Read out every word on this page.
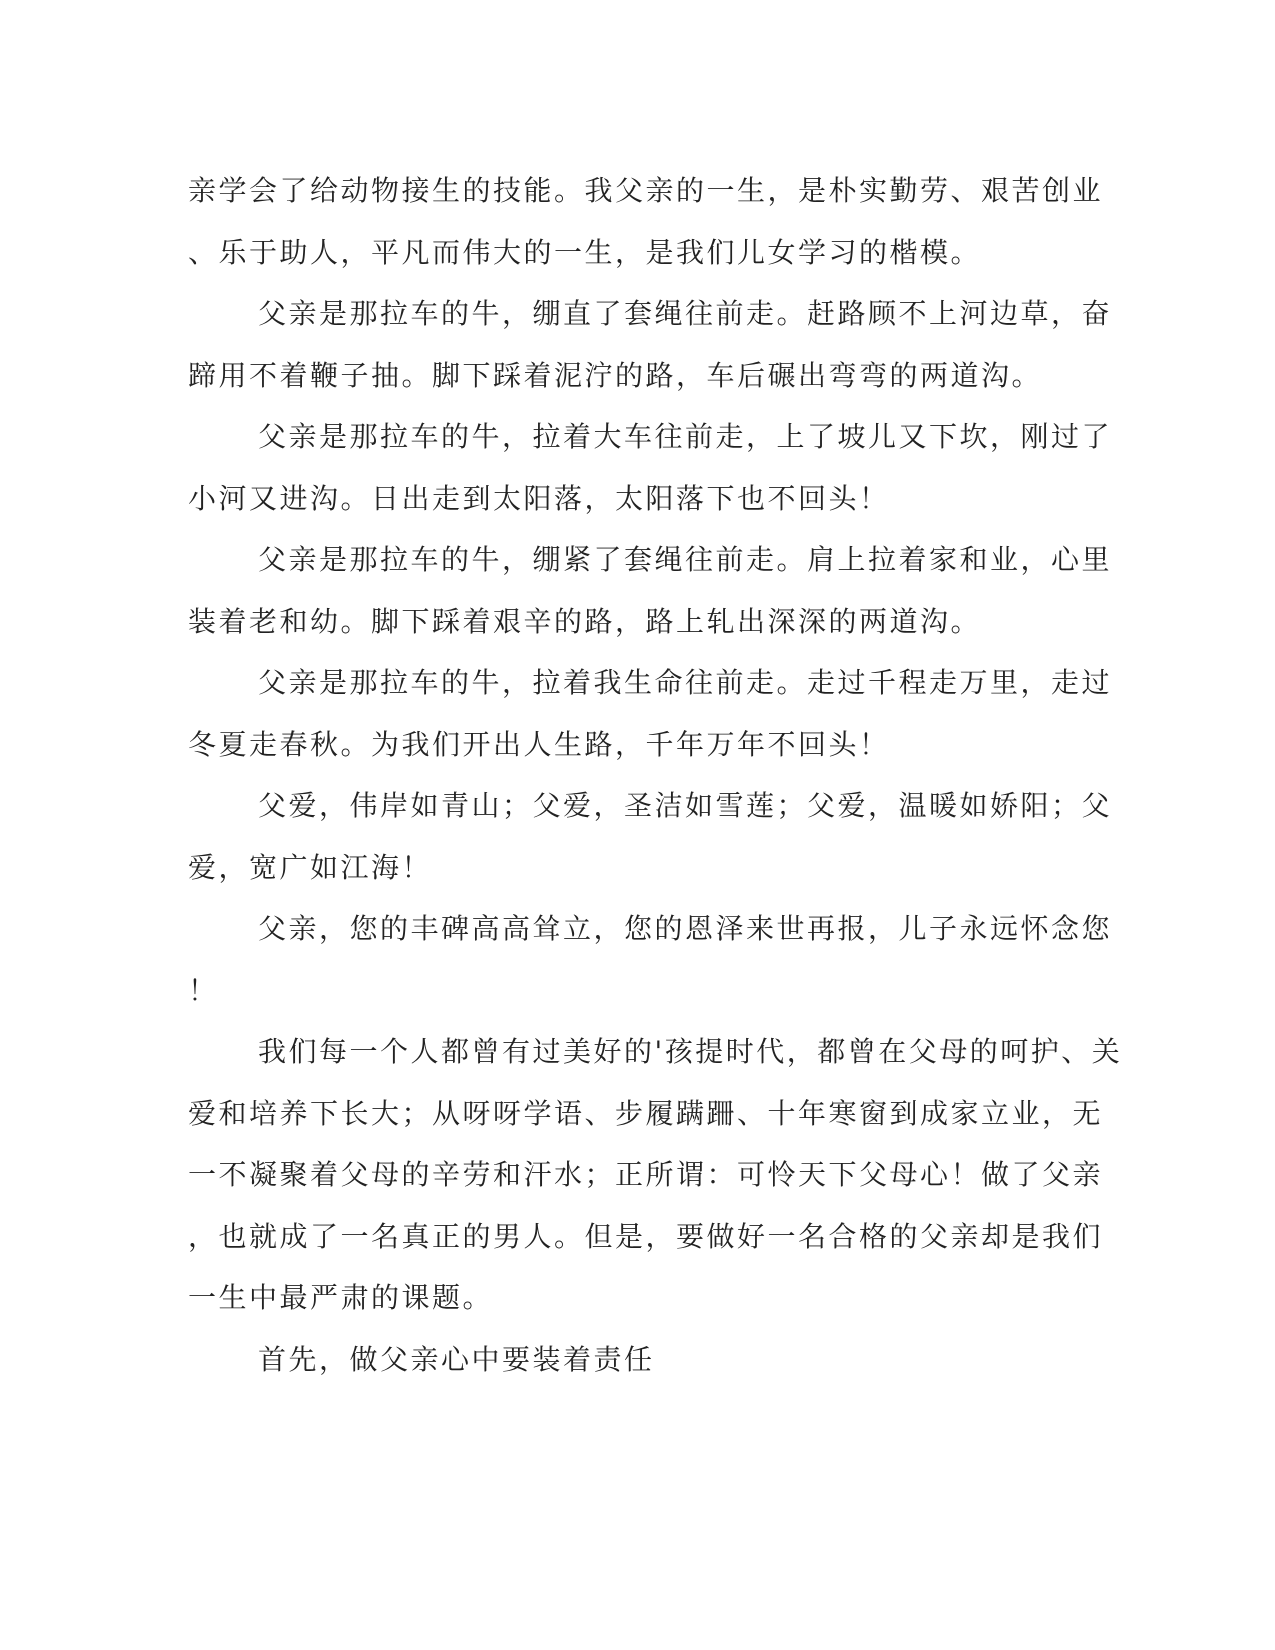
亲学会了给动物接生的技能。我父亲的一生，是朴实勤劳、艰苦创业
、乐于助人，平凡而伟大的一生，是我们儿女学习的楷模。
父亲是那拉车的牛，绷直了套绳往前走。赶路顾不上河边草，奋
蹄用不着鞭子抽。脚下踩着泥泞的路，车后碾出弯弯的两道沟。
父亲是那拉车的牛，拉着大车往前走，上了坡儿又下坎，刚过了
小河又进沟。日出走到太阳落，太阳落下也不回头！
父亲是那拉车的牛，绷紧了套绳往前走。肩上拉着家和业，心里
装着老和幼。脚下踩着艰辛的路，路上轧出深深的两道沟。
父亲是那拉车的牛，拉着我生命往前走。走过千程走万里，走过
冬夏走春秋。为我们开出人生路，千年万年不回头！
父爱，伟岸如青山；父爱，圣洁如雪莲；父爱，温暖如娇阳；父
爱，宽广如江海！
父亲，您的丰碑高高耸立，您的恩泽来世再报，儿子永远怀念您
！
我们每一个人都曾有过美好的'孩提时代，都曾在父母的呵护、关
爱和培养下长大；从呀呀学语、步履蹒跚、十年寒窗到成家立业，无
一不凝聚着父母的辛劳和汗水；正所谓：可怜天下父母心！做了父亲
，也就成了一名真正的男人。但是，要做好一名合格的父亲却是我们
一生中最严肃的课题。
首先，做父亲心中要装着责任
